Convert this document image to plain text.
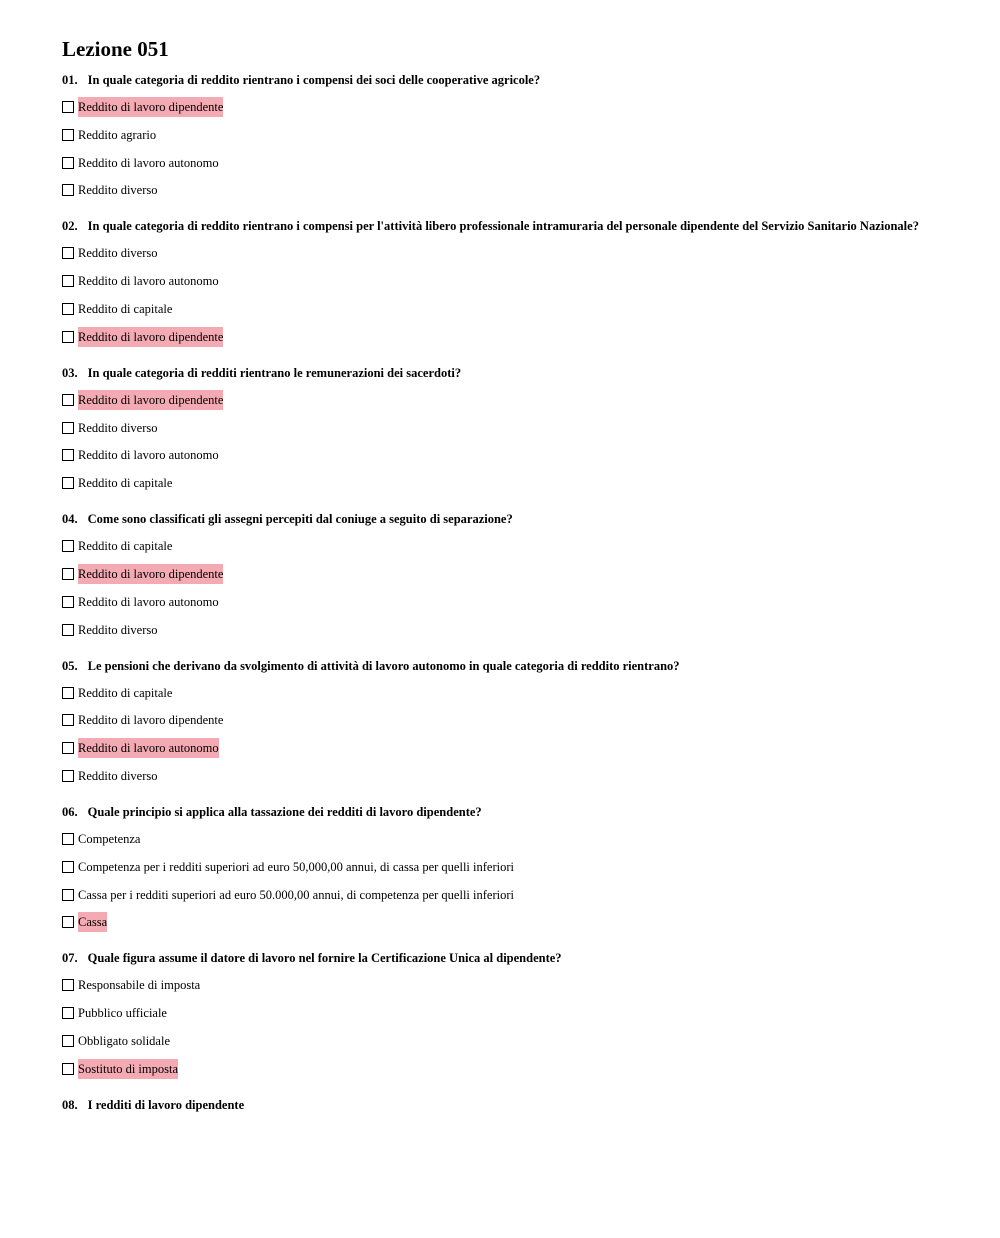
Lezione 051
01. In quale categoria di reddito rientrano i compensi dei soci delle cooperative agricole?
Reddito di lavoro dipendente
Reddito agrario
Reddito di lavoro autonomo
Reddito diverso
02. In quale categoria di reddito rientrano i compensi per l'attività libero professionale intramuraria del personale dipendente del Servizio Sanitario Nazionale?
Reddito diverso
Reddito di lavoro autonomo
Reddito di capitale
Reddito di lavoro dipendente
03. In quale categoria di redditi rientrano le remunerazioni dei sacerdoti?
Reddito di lavoro dipendente
Reddito diverso
Reddito di lavoro autonomo
Reddito di capitale
04. Come sono classificati gli assegni percepiti dal coniuge a seguito di separazione?
Reddito di capitale
Reddito di lavoro dipendente
Reddito di lavoro autonomo
Reddito diverso
05. Le pensioni che derivano da svolgimento di attività di lavoro autonomo in quale categoria di reddito rientrano?
Reddito di capitale
Reddito di lavoro dipendente
Reddito di lavoro autonomo
Reddito diverso
06. Quale principio si applica alla tassazione dei redditi di lavoro dipendente?
Competenza
Competenza per i redditi superiori ad euro 50,000,00 annui, di cassa per quelli inferiori
Cassa per i redditi superiori ad euro 50.000,00 annui, di competenza per quelli inferiori
Cassa
07. Quale figura assume il datore di lavoro nel fornire la Certificazione Unica al dipendente?
Responsabile di imposta
Pubblico ufficiale
Obbligato solidale
Sostituto di imposta
08. I redditi di lavoro dipendente
